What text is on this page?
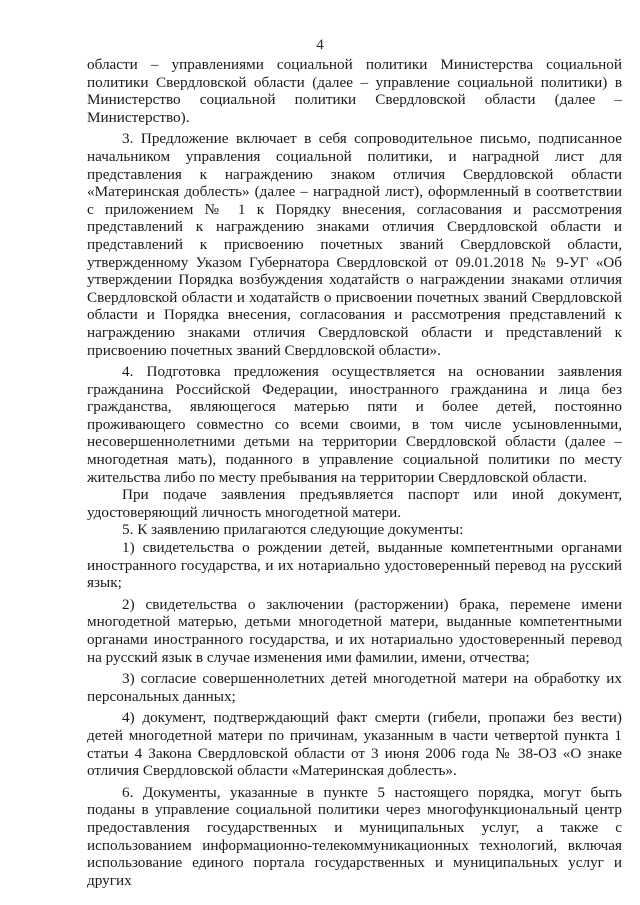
4

области – управлениями социальной политики Министерства социальной политики Свердловской области (далее – управление социальной политики) в Министерство социальной политики Свердловской области (далее – Министерство).

3. Предложение включает в себя сопроводительное письмо, подписанное начальником управления социальной политики, и наградной лист для представления к награждению знаком отличия Свердловской области «Материнская доблесть» (далее – наградной лист), оформленный в соответствии с приложением № 1 к Порядку внесения, согласования и рассмотрения представлений к награждению знаками отличия Свердловской области и представлений к присвоению почетных званий Свердловской области, утвержденному Указом Губернатора Свердловской от 09.01.2018 № 9-УГ «Об утверждении Порядка возбуждения ходатайств о награждении знаками отличия Свердловской области и ходатайств о присвоении почетных званий Свердловской области и Порядка внесения, согласования и рассмотрения представлений к награждению знаками отличия Свердловской области и представлений к присвоению почетных званий Свердловской области».

4. Подготовка предложения осуществляется на основании заявления гражданина Российской Федерации, иностранного гражданина и лица без гражданства, являющегося матерью пяти и более детей, постоянно проживающего совместно со всеми своими, в том числе усыновленными, несовершеннолетними детьми на территории Свердловской области (далее – многодетная мать), поданного в управление социальной политики по месту жительства либо по месту пребывания на территории Свердловской области.

При подаче заявления предъявляется паспорт или иной документ, удостоверяющий личность многодетной матери.

5. К заявлению прилагаются следующие документы:

1) свидетельства о рождении детей, выданные компетентными органами иностранного государства, и их нотариально удостоверенный перевод на русский язык;

2) свидетельства о заключении (расторжении) брака, перемене имени многодетной матерью, детьми многодетной матери, выданные компетентными органами иностранного государства, и их нотариально удостоверенный перевод на русский язык в случае изменения ими фамилии, имени, отчества;

3) согласие совершеннолетних детей многодетной матери на обработку их персональных данных;

4) документ, подтверждающий факт смерти (гибели, пропажи без вести) детей многодетной матери по причинам, указанным в части четвертой пункта 1 статьи 4 Закона Свердловской области от 3 июня 2006 года № 38-ОЗ «О знаке отличия Свердловской области «Материнская доблесть».

6. Документы, указанные в пункте 5 настоящего порядка, могут быть поданы в управление социальной политики через многофункциональный центр предоставления государственных и муниципальных услуг, а также с использованием информационно-телекоммуникационных технологий, включая использование единого портала государственных и муниципальных услуг и других
